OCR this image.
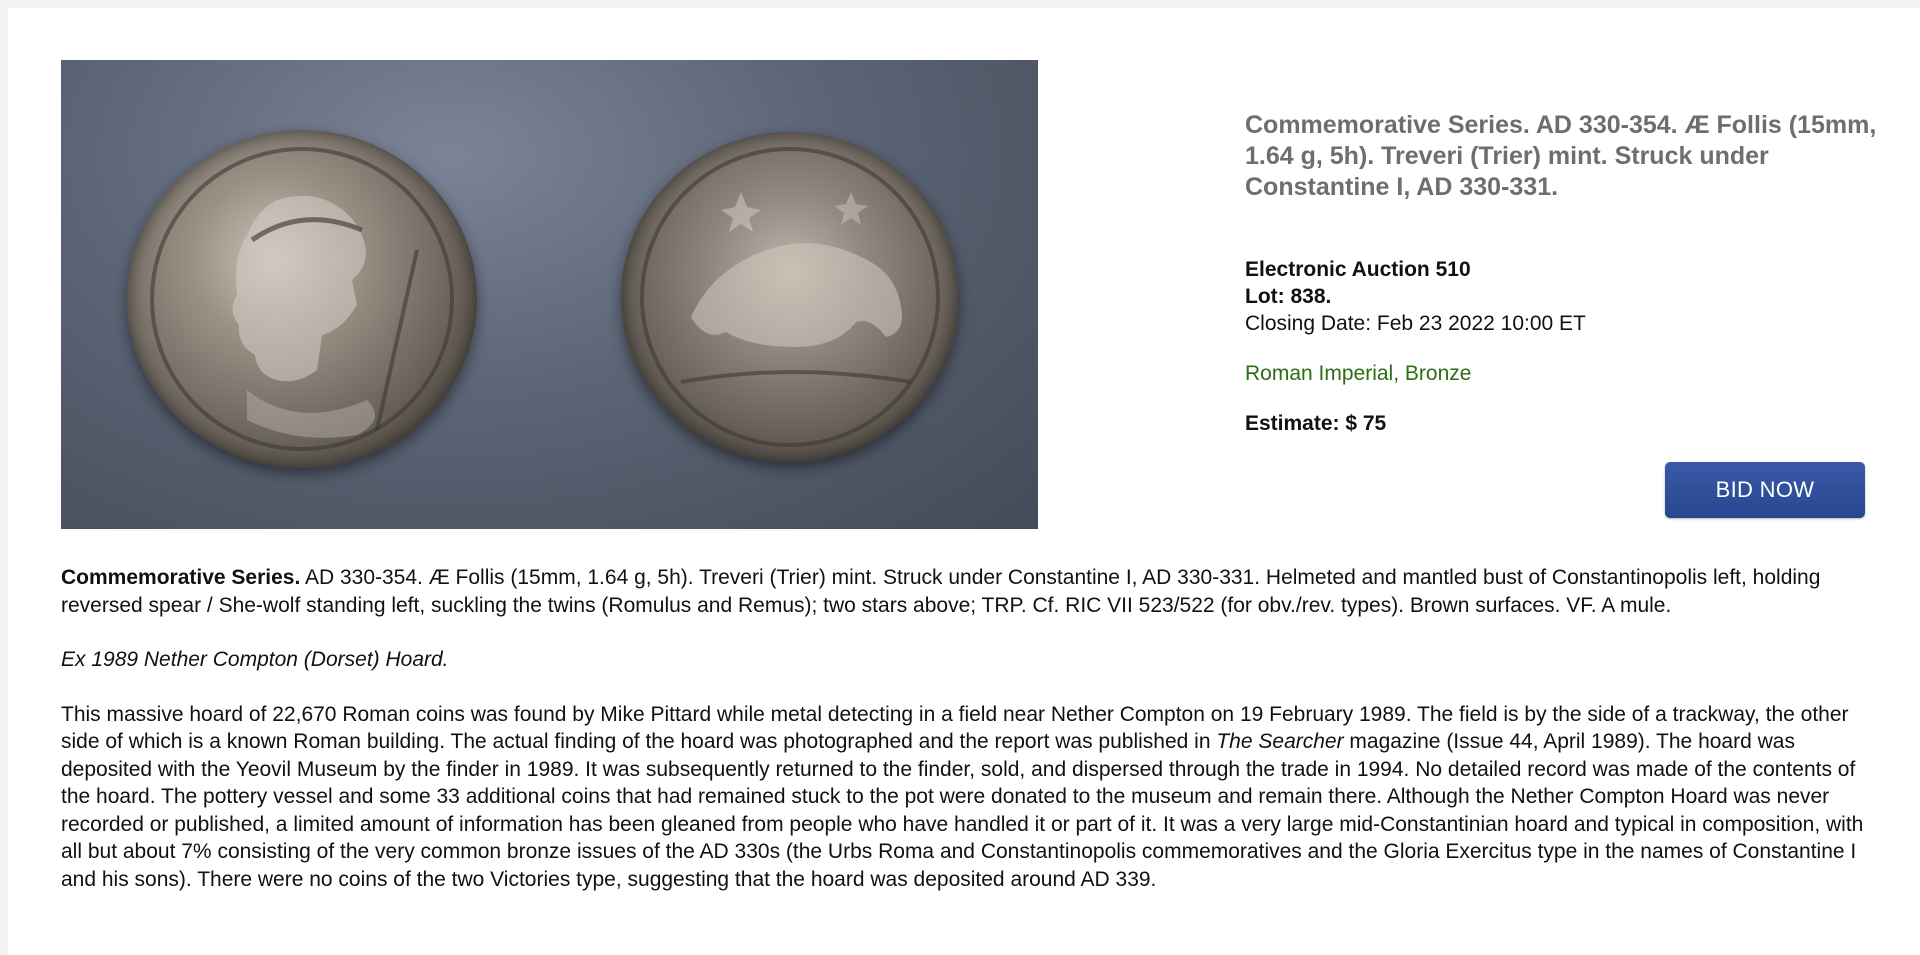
Commemorative Series. AD 330-354. Æ Follis (15mm, 1.64 g, 5h). Treveri (Trier) mint. Struck under Constantine I, AD 330-331.
Electronic Auction 510
Lot: 838.
Closing Date: Feb 23 2022 10:00 ET
Roman Imperial, Bronze
Estimate: $ 75
BID NOW

Commemorative Series. AD 330-354. Æ Follis (15mm, 1.64 g, 5h). Treveri (Trier) mint. Struck under Constantine I, AD 330-331. Helmeted and mantled bust of Constantinopolis left, holding reversed spear / She-wolf standing left, suckling the twins (Romulus and Remus); two stars above; TRP. Cf. RIC VII 523/522 (for obv./rev. types). Brown surfaces. VF. A mule.

Ex 1989 Nether Compton (Dorset) Hoard.

This massive hoard of 22,670 Roman coins was found by Mike Pittard while metal detecting in a field near Nether Compton on 19 February 1989. The field is by the side of a trackway, the other side of which is a known Roman building. The actual finding of the hoard was photographed and the report was published in The Searcher magazine (Issue 44, April 1989). The hoard was deposited with the Yeovil Museum by the finder in 1989. It was subsequently returned to the finder, sold, and dispersed through the trade in 1994. No detailed record was made of the contents of the hoard. The pottery vessel and some 33 additional coins that had remained stuck to the pot were donated to the museum and remain there. Although the Nether Compton Hoard was never recorded or published, a limited amount of information has been gleaned from people who have handled it or part of it. It was a very large mid-Constantinian hoard and typical in composition, with all but about 7% consisting of the very common bronze issues of the AD 330s (the Urbs Roma and Constantinopolis commemoratives and the Gloria Exercitus type in the names of Constantine I and his sons). There were no coins of the two Victories type, suggesting that the hoard was deposited around AD 339.
